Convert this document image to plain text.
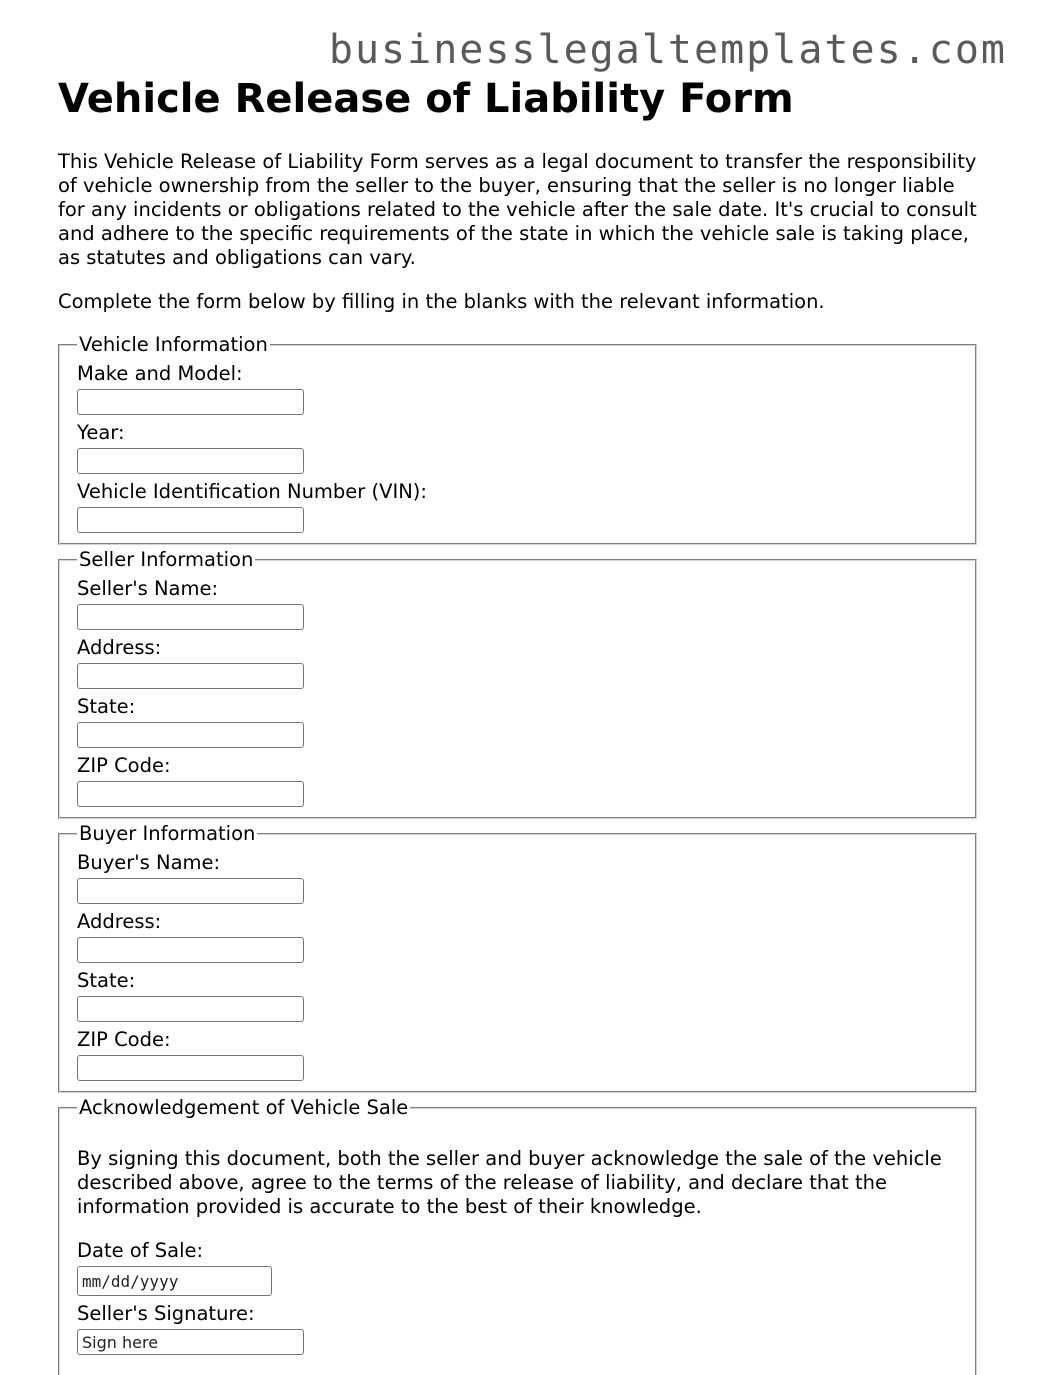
businesslegaltemplates.com
Vehicle Release of Liability Form

This Vehicle Release of Liability Form serves as a legal document to transfer the responsibility of vehicle ownership from the seller to the buyer, ensuring that the seller is no longer liable for any incidents or obligations related to the vehicle after the sale date. It's crucial to consult and adhere to the specific requirements of the state in which the vehicle sale is taking place, as statutes and obligations can vary.

Complete the form below by filling in the blanks with the relevant information.

Vehicle Information
Make and Model:
Year:
Vehicle Identification Number (VIN):
Seller Information
Seller's Name:
Address:
State:
ZIP Code:
Buyer Information
Buyer's Name:
Address:
State:
ZIP Code:
Acknowledgement of Vehicle Sale

By signing this document, both the seller and buyer acknowledge the sale of the vehicle described above, agree to the terms of the release of liability, and declare that the information provided is accurate to the best of their knowledge.

Date of Sale:
mm/dd/yyyy
Seller's Signature:
Sign here
